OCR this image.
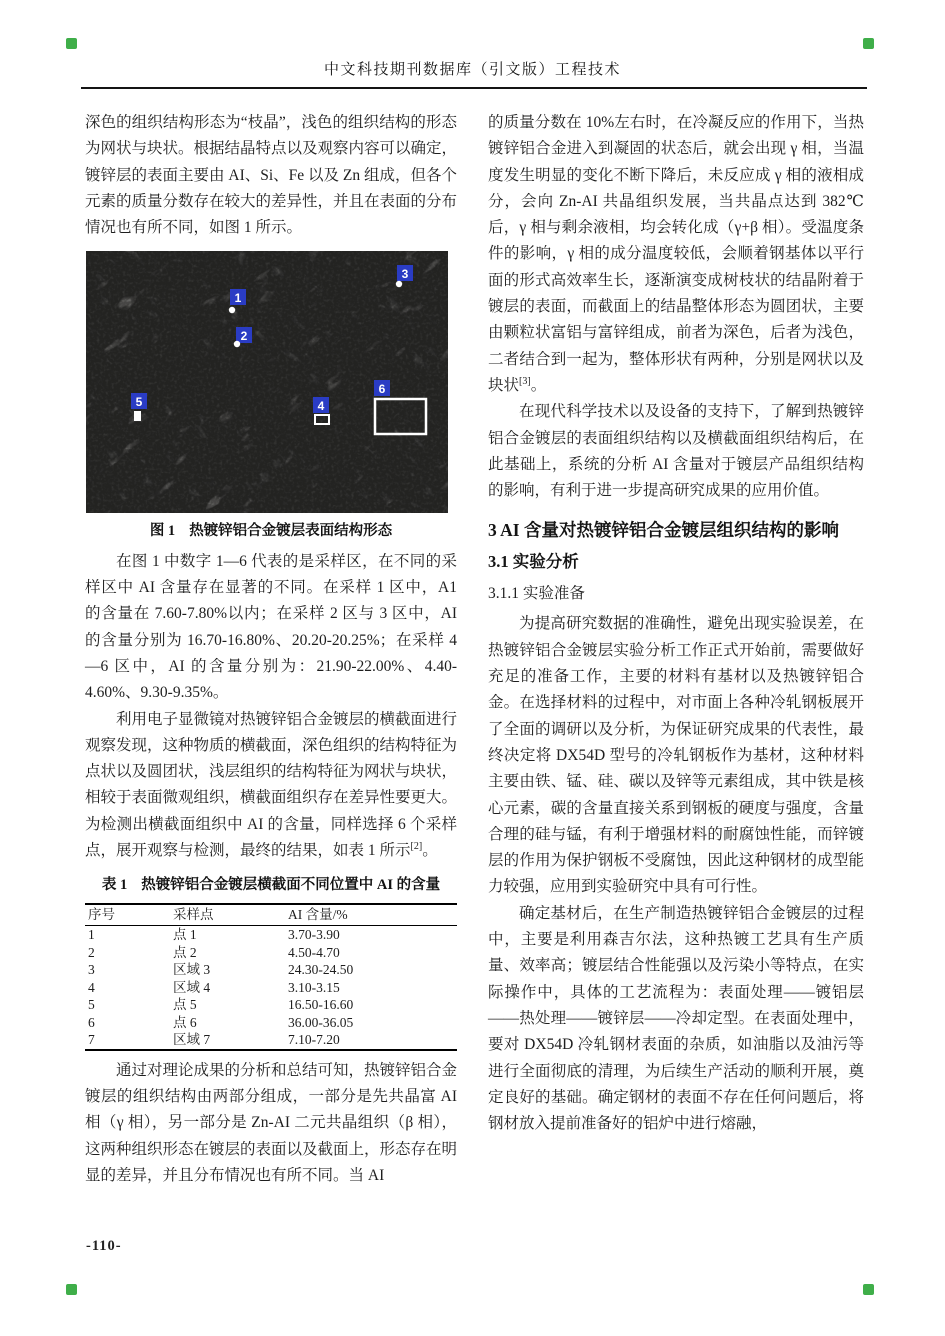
中文科技期刊数据库（引文版）工程技术

深色的组织结构形态为“枝晶”，浅色的组织结构的形态为网状与块状。根据结晶特点以及观察内容可以确定，镀锌层的表面主要由 AI、Si、Fe 以及 Zn 组成，但各个元素的质量分数存在较大的差异性，并且在表面的分布情况也有所不同，如图 1 所示。

1
2
3
4
5
6
图 1 热镀锌铝合金镀层表面结构形态

在图 1 中数字 1—6 代表的是采样区，在不同的采样区中 AI 含量存在显著的不同。在采样 1 区中，A1 的含量在 7.60-7.80%以内；在采样 2 区与 3 区中，AI 的含量分别为 16.70-16.80%、20.20-20.25%；在采样 4—6 区中，AI 的含量分别为：21.90-22.00%、4.40-4.60%、9.30-9.35%。

利用电子显微镜对热镀锌铝合金镀层的横截面进行观察发现，这种物质的横截面，深色组织的结构特征为点状以及圆团状，浅层组织的结构特征为网状与块状，相较于表面微观组织，横截面组织存在差异性要更大。为检测出横截面组织中 AI 的含量，同样选择 6 个采样点，展开观察与检测，最终的结果，如表 1 所示[2]。

表 1 热镀锌铝合金镀层横截面不同位置中 AI 的含量
序号	采样点	AI 含量/%
1	点 1	3.70-3.90
2	点 2	4.50-4.70
3	区域 3	24.30-24.50
4	区域 4	3.10-3.15
5	点 5	16.50-16.60
6	点 6	36.00-36.05
7	区域 7	7.10-7.20

通过对理论成果的分析和总结可知，热镀锌铝合金镀层的组织结构由两部分组成，一部分是先共晶富 AI 相（γ 相），另一部分是 Zn-AI 二元共晶组织（β 相），这两种组织形态在镀层的表面以及截面上，形态存在明显的差异，并且分布情况也有所不同。当 AI

的质量分数在 10%左右时，在冷凝反应的作用下，当热镀锌铝合金进入到凝固的状态后，就会出现 γ 相，当温度发生明显的变化不断下降后，未反应成 γ 相的液相成分，会向 Zn-AI 共晶组织发展，当共晶点达到 382℃后，γ 相与剩余液相，均会转化成（γ+β 相）。受温度条件的影响，γ 相的成分温度较低，会顺着钢基体以平行面的形式高效率生长，逐渐演变成树枝状的结晶附着于镀层的表面，而截面上的结晶整体形态为圆团状，主要由颗粒状富铝与富锌组成，前者为深色，后者为浅色，二者结合到一起为，整体形状有两种，分别是网状以及块状[3]。

在现代科学技术以及设备的支持下，了解到热镀锌铝合金镀层的表面组织结构以及横截面组织结构后，在此基础上，系统的分析 AI 含量对于镀层产品组织结构的影响，有利于进一步提高研究成果的应用价值。

3 AI 含量对热镀锌铝合金镀层组织结构的影响
3.1 实验分析
3.1.1 实验准备

为提高研究数据的准确性，避免出现实验误差，在热镀锌铝合金镀层实验分析工作正式开始前，需要做好充足的准备工作，主要的材料有基材以及热镀锌铝合金。在选择材料的过程中，对市面上各种冷轧钢板展开了全面的调研以及分析，为保证研究成果的代表性，最终决定将 DX54D 型号的冷轧钢板作为基材，这种材料主要由铁、锰、硅、碳以及锌等元素组成，其中铁是核心元素，碳的含量直接关系到钢板的硬度与强度，含量合理的硅与锰，有利于增强材料的耐腐蚀性能，而锌镀层的作用为保护钢板不受腐蚀，因此这种钢材的成型能力较强，应用到实验研究中具有可行性。

确定基材后，在生产制造热镀锌铝合金镀层的过程中，主要是利用森吉尔法，这种热镀工艺具有生产质量、效率高；镀层结合性能强以及污染小等特点，在实际操作中，具体的工艺流程为：表面处理——镀铝层——热处理——镀锌层——冷却定型。在表面处理中，要对 DX54D 冷轧钢材表面的杂质，如油脂以及油污等进行全面彻底的清理，为后续生产活动的顺利开展，奠定良好的基础。确定钢材的表面不存在任何问题后，将钢材放入提前准备好的铝炉中进行熔融，

-110-
